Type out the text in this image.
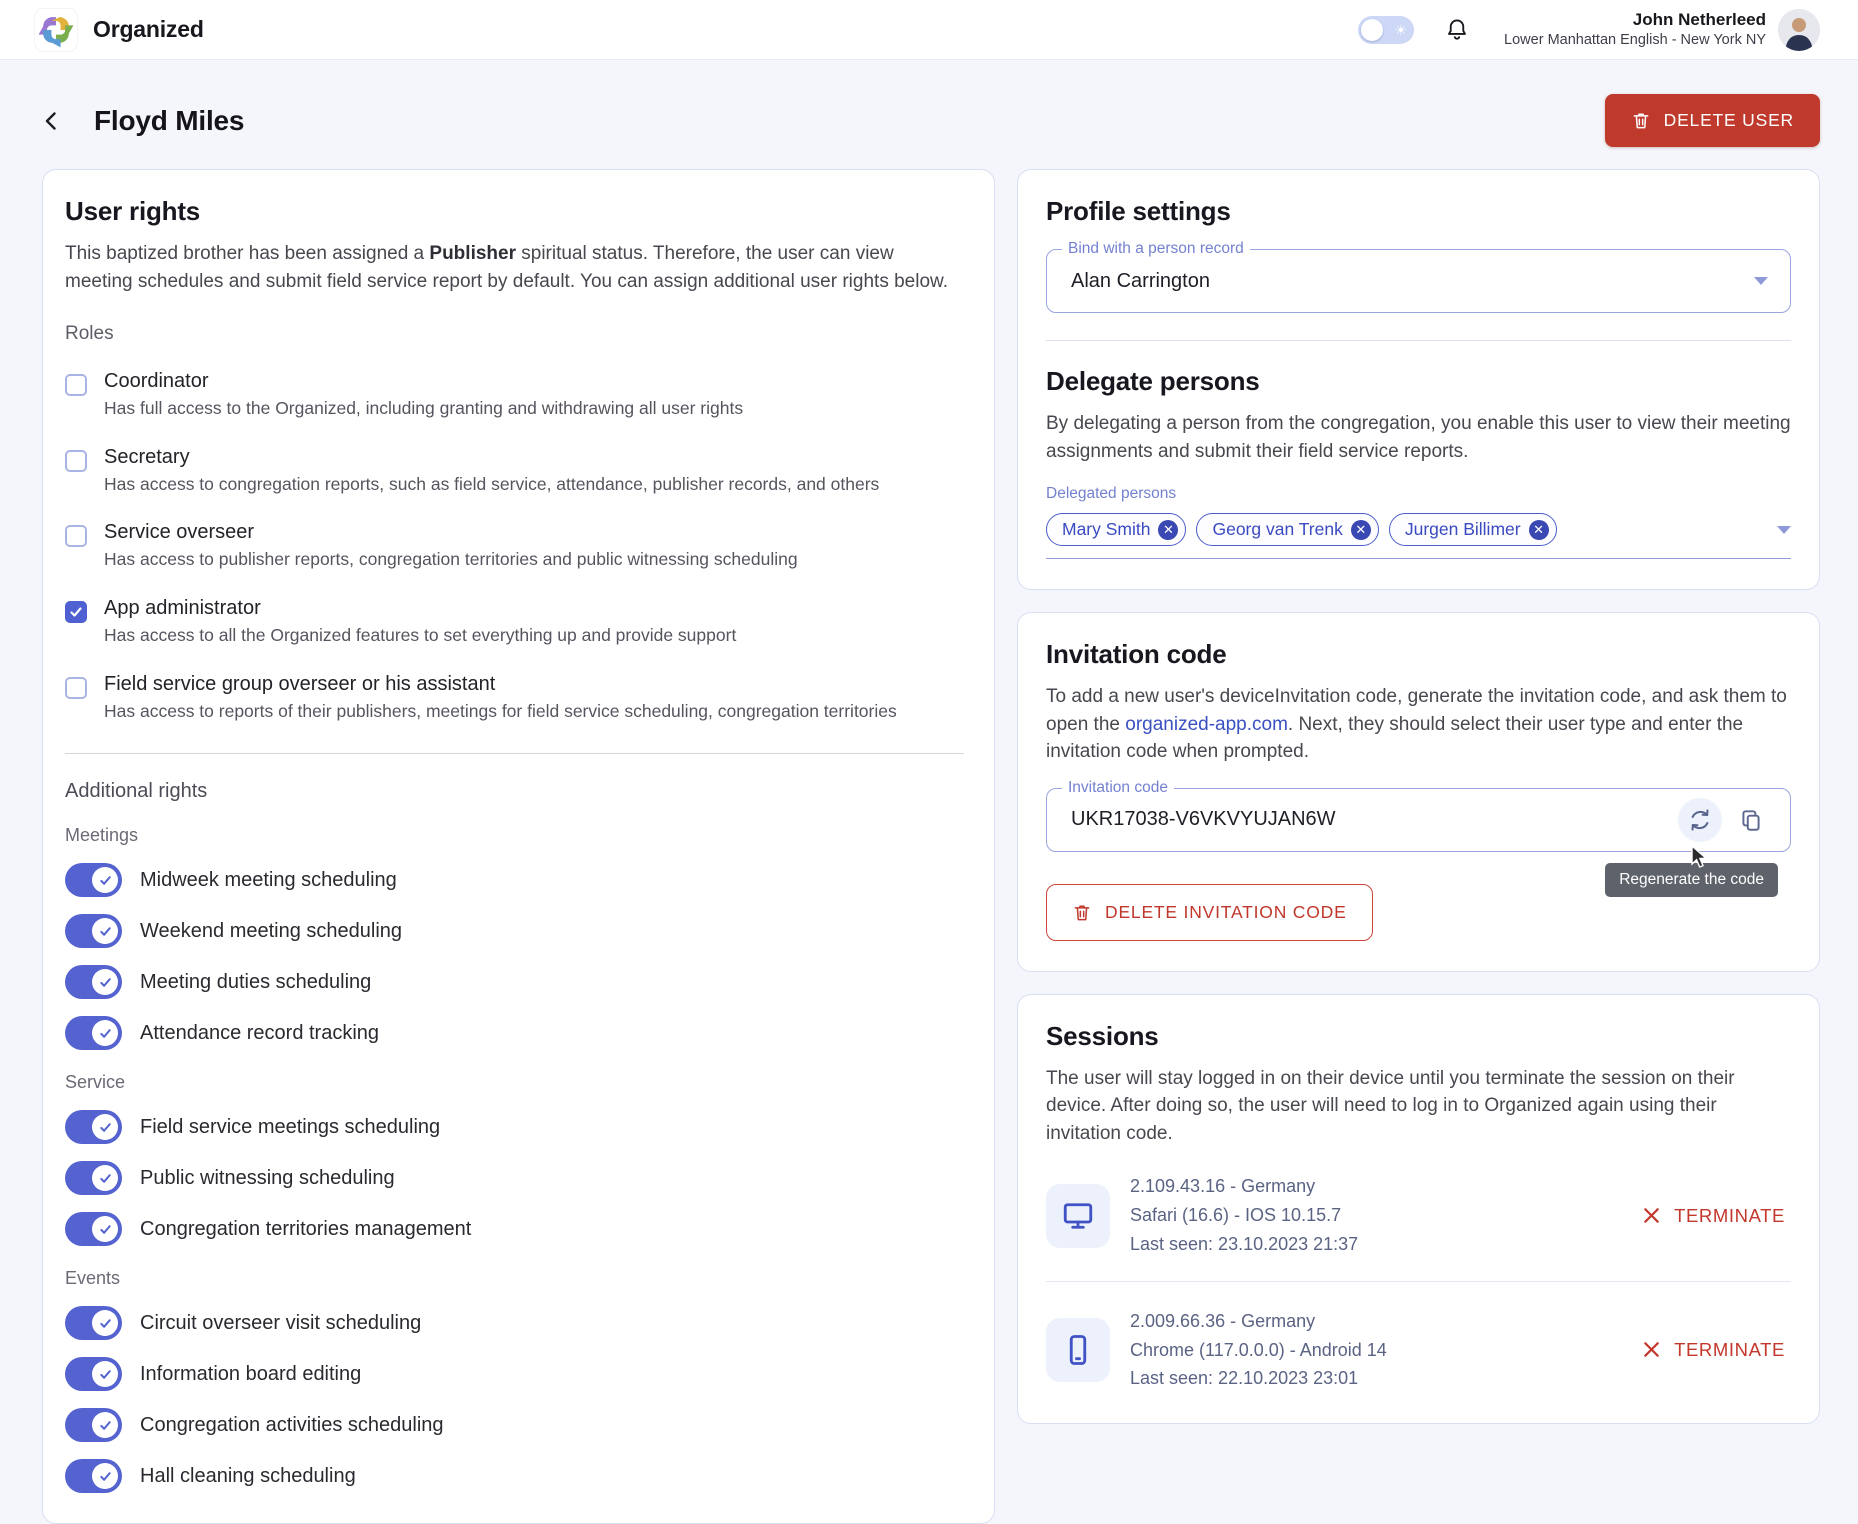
Organized	☀
John Netherleed
Lower Manhattan English - New York NY
Floyd Miles	DELETE USER
User rights

This baptized brother has been assigned a Publisher spiritual status. Therefore, the user can view meeting schedules and submit field service report by default. You can assign additional user rights below.

Roles
Coordinator
Has full access to the Organized, including granting and withdrawing all user rights
Secretary
Has access to congregation reports, such as field service, attendance, publisher records, and others
Service overseer
Has access to publisher reports, congregation territories and public witnessing scheduling
App administrator
Has access to all the Organized features to set everything up and provide support
Field service group overseer or his assistant
Has access to reports of their publishers, meetings for field service scheduling, congregation territories
Additional rights
Meetings
Midweek meeting scheduling
Weekend meeting scheduling
Meeting duties scheduling
Attendance record tracking
Service
Field service meetings scheduling
Public witnessing scheduling
Congregation territories management
Events
Circuit overseer visit scheduling
Information board editing
Congregation activities scheduling
Hall cleaning scheduling
Profile settings
Bind with a person record
Alan Carrington
Delegate persons

By delegating a person from the congregation, you enable this user to view their meeting assignments and submit their field service reports.

Delegated persons
Mary Smith ✕ Georg van Trenk ✕ Jurgen Billimer ✕
Invitation code

To add a new user's deviceInvitation code, generate the invitation code, and ask them to open the organized-app.com. Next, they should select their user type and enter the invitation code when prompted.

Invitation code
UKR17038-V6VKVYUJAN6W
Regenerate the code
DELETE INVITATION CODE
Sessions

The user will stay logged in on their device until you terminate the session on their device. After doing so, the user will need to log in to Organized again using their invitation code.

2.109.43.16 - Germany
Safari (16.6) - IOS 10.15.7
Last seen: 23.10.2023 21:37
TERMINATE
2.009.66.36 - Germany
Chrome (117.0.0.0) - Android 14
Last seen: 22.10.2023 23:01
TERMINATE
